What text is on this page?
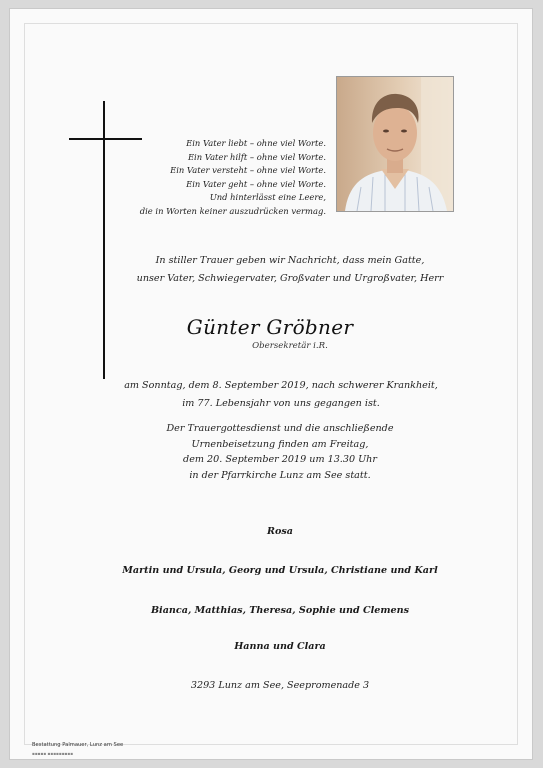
Ein Vater liebt – ohne viel Worte.
Ein Vater hilft – ohne viel Worte.
Ein Vater versteht – ohne viel Worte.
Ein Vater geht – ohne viel Worte.
Und hinterlässt eine Leere,
die in Worten keiner auszudrücken vermag.
In stiller Trauer geben wir Nachricht, dass mein Gatte,
unser Vater, Schwiegervater, Großvater und Urgroßvater, Herr
Günter Gröbner
Obersekretär i.R.
am Sonntag, dem 8. September 2019, nach schwerer Krankheit,
im 77. Lebensjahr von uns gegangen ist.
Der Trauergottesdienst und die anschließende
Urnenbeisetzung finden am Freitag,
dem 20. September 2019 um 13.30 Uhr
in der Pfarrkirche Lunz am See statt.
Rosa
Martin und Ursula, Georg und Ursula, Christiane und Karl
Bianca, Matthias, Theresa, Sophie und Clemens
Hanna und Clara
3293 Lunz am See, Seepromenade 3
Bestattung Palmauer, Lunz am See
▪▪▪▪▪ ▪▪▪▪▪▪▪▪▪
